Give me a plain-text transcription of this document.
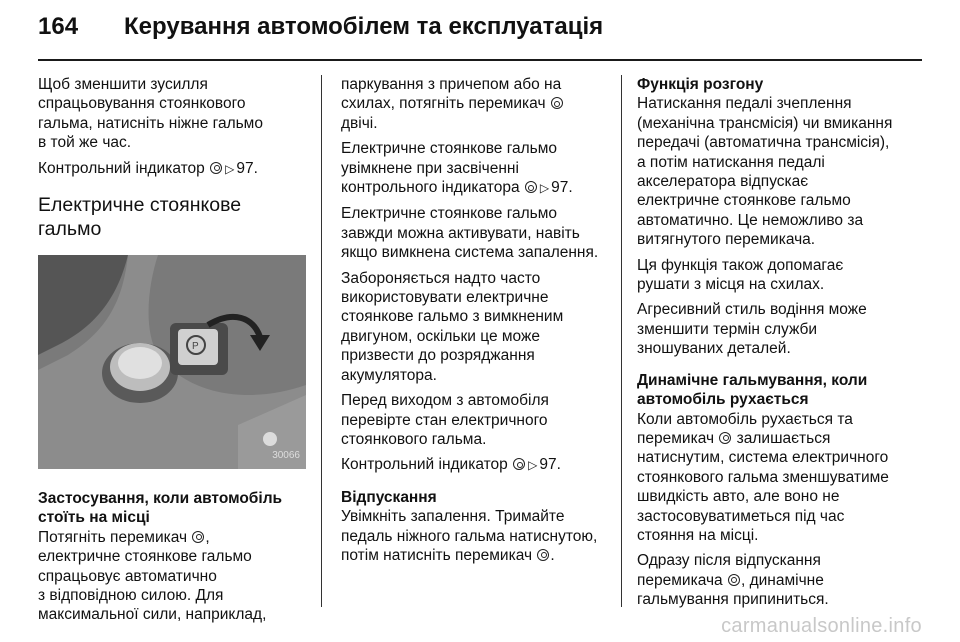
164 Керування автомобілем та експлуатація

Щоб зменшити зусилля
спрацьовування стоянкового
гальма, натисніть ніжне гальмо
в той же час.

Контрольний індикатор ▷ 97.

Електричне стоянкове гальмо
P
30066

Застосування, коли автомобіль
стоїть на місці

Потягніть перемикач ,
електричне стоянкове гальмо
спрацьовує автоматично
з відповідною силою. Для
максимальної сили, наприклад,

паркування з причепом або на
схилах, потягніть перемикач
двічі.

Електричне стоянкове гальмо
увімкнене при засвіченні
контрольного індикатора ▷ 97.

Електричне стоянкове гальмо
завжди можна активувати, навіть
якщо вимкнена система запалення.

Забороняється надто часто
використовувати електричне
стоянкове гальмо з вимкненим
двигуном, оскільки це може
призвести до розряджання
акумулятора.

Перед виходом з автомобіля
перевірте стан електричного
стоянкового гальма.

Контрольний індикатор ▷ 97.

Відпускання

Увімкніть запалення. Тримайте
педаль ніжного гальма натиснутою,
потім натисніть перемикач .

Функція розгону

Натискання педалі зчеплення
(механічна трансмісія) чи вмикання
передачі (автоматична трансмісія),
а потім натискання педалі
акселератора відпускає
електричне стоянкове гальмо
автоматично. Це неможливо за
витягнутого перемикача.

Ця функція також допомагає
рушати з місця на схилах.

Агресивний стиль водіння може
зменшити термін служби
зношуваних деталей.

Динамічне гальмування, коли
автомобіль рухається

Коли автомобіль рухається та
перемикач  залишається
натиснутим, система електричного
стоянкового гальма зменшуватиме
швидкість авто, але воно не
застосовуватиметься під час
стояння на місці.

Одразу після відпускання
перемикача , динамічне
гальмування припиниться.

carmanualsonline.info
